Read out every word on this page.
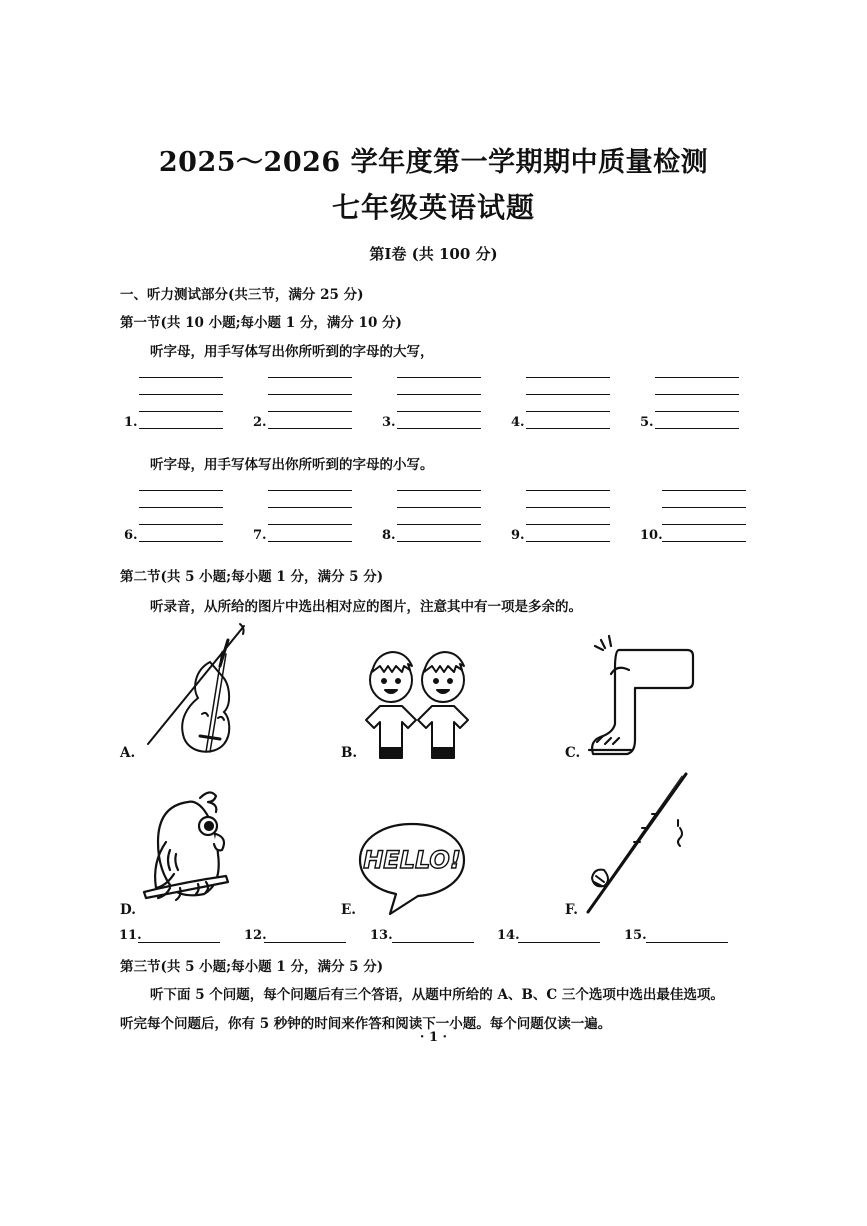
2025～2026 学年度第一学期期中质量检测
七年级英语试题
第Ⅰ卷 (共 100 分)
一、听力测试部分(共三节，满分 25 分)
第一节(共 10 小题;每小题 1 分，满分 10 分)
听字母，用手写体写出你所听到的字母的大写，
1.	2.	3.	4.	5.
听字母，用手写体写出你所听到的字母的小写。
6.	7.	8.	9.	10.
第二节(共 5 小题;每小题 1 分，满分 5 分)
听录音，从所给的图片中选出相对应的图片，注意其中有一项是多余的。
A.	B.	C.
D.	E.
HELLO!
F.
11.	12.	13.	14.	15.
第三节(共 5 小题;每小题 1 分，满分 5 分)
听下面 5 个问题，每个问题后有三个答语，从题中所给的 A、B、C 三个选项中选出最佳选项。
听完每个问题后，你有 5 秒钟的时间来作答和阅读下一小题。每个问题仅读一遍。
· 1 ·
